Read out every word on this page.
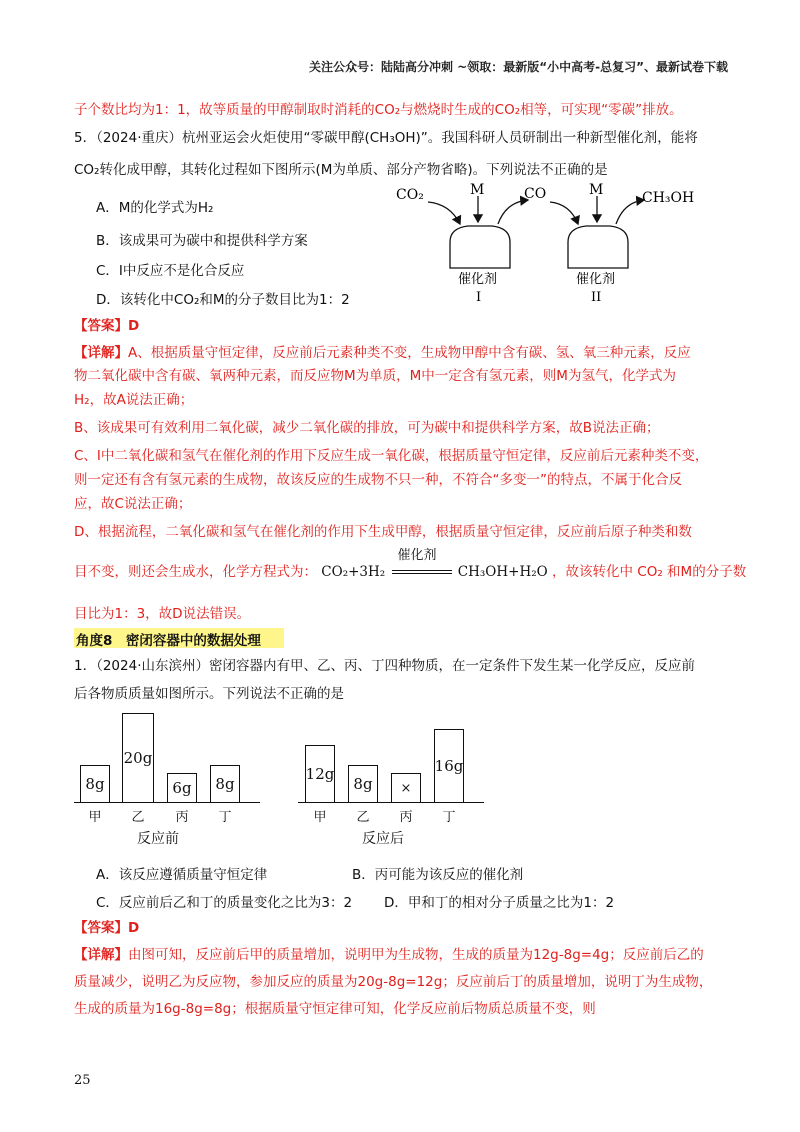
关注公众号：陆陆高分冲刺 ~领取：最新版“小中高考-总复习”、最新试卷下载
子个数比均为1：1，故等质量的甲醇制取时消耗的CO₂与燃烧时生成的CO₂相等，可实现“零碳”排放。
5．（2024·重庆）杭州亚运会火炬使用“零碳甲醇(CH₃OH)”。我国科研人员研制出一种新型催化剂，能将
CO₂转化成甲醇，其转化过程如下图所示(M为单质、部分产物省略)。下列说法不正确的是
A．M的化学式为H₂
B．该成果可为碳中和提供科学方案
C．Ⅰ中反应不是化合反应
D．该转化中CO₂和M的分子数目比为1：2
CO₂	M	CO	M	CH₃OH
催化剂	催化剂
I	II
【答案】D
【详解】A、根据质量守恒定律，反应前后元素种类不变，生成物甲醇中含有碳、氢、氧三种元素，反应
物二氧化碳中含有碳、氧两种元素，而反应物M为单质，M中一定含有氢元素，则M为氢气，化学式为
H₂，故A说法正确；
B、该成果可有效利用二氧化碳，减少二氧化碳的排放，可为碳中和提供科学方案，故B说法正确；
C、Ⅰ中二氧化碳和氢气在催化剂的作用下反应生成一氧化碳，根据质量守恒定律，反应前后元素种类不变，
则一定还有含有氢元素的生成物，故该反应的生成物不只一种，不符合“多变一”的特点，不属于化合反
应，故C说法正确；
D、根据流程，二氧化碳和氢气在催化剂的作用下生成甲醇，根据质量守恒定律，反应前后原子种类和数
目不变，则还会生成水，化学方程式为： CO₂+3H₂
催化剂
CH₃OH+H₂O ，故该转化中 CO₂ 和M的分子数
目比为1：3，故D说法错误。
角度8　密闭容器中的数据处理
1．（2024·山东滨州）密闭容器内有甲、乙、丙、丁四种物质，在一定条件下发生某一化学反应，反应前
后各物质质量如图所示。下列说法不正确的是
8g
20g
6g	8g
甲	乙	丙	丁
反应前
12g
8g	×
16g
甲	乙	丙	丁
反应后
A．该反应遵循质量守恒定律	B．丙可能为该反应的催化剂
C．反应前后乙和丁的质量变化之比为3：2 D．甲和丁的相对分子质量之比为1：2
【答案】D
【详解】由图可知，反应前后甲的质量增加，说明甲为生成物，生成的质量为12g-8g=4g；反应前后乙的
质量减少，说明乙为反应物，参加反应的质量为20g-8g=12g；反应前后丁的质量增加，说明丁为生成物，
生成的质量为16g-8g=8g；根据质量守恒定律可知，化学反应前后物质总质量不变，则
25
